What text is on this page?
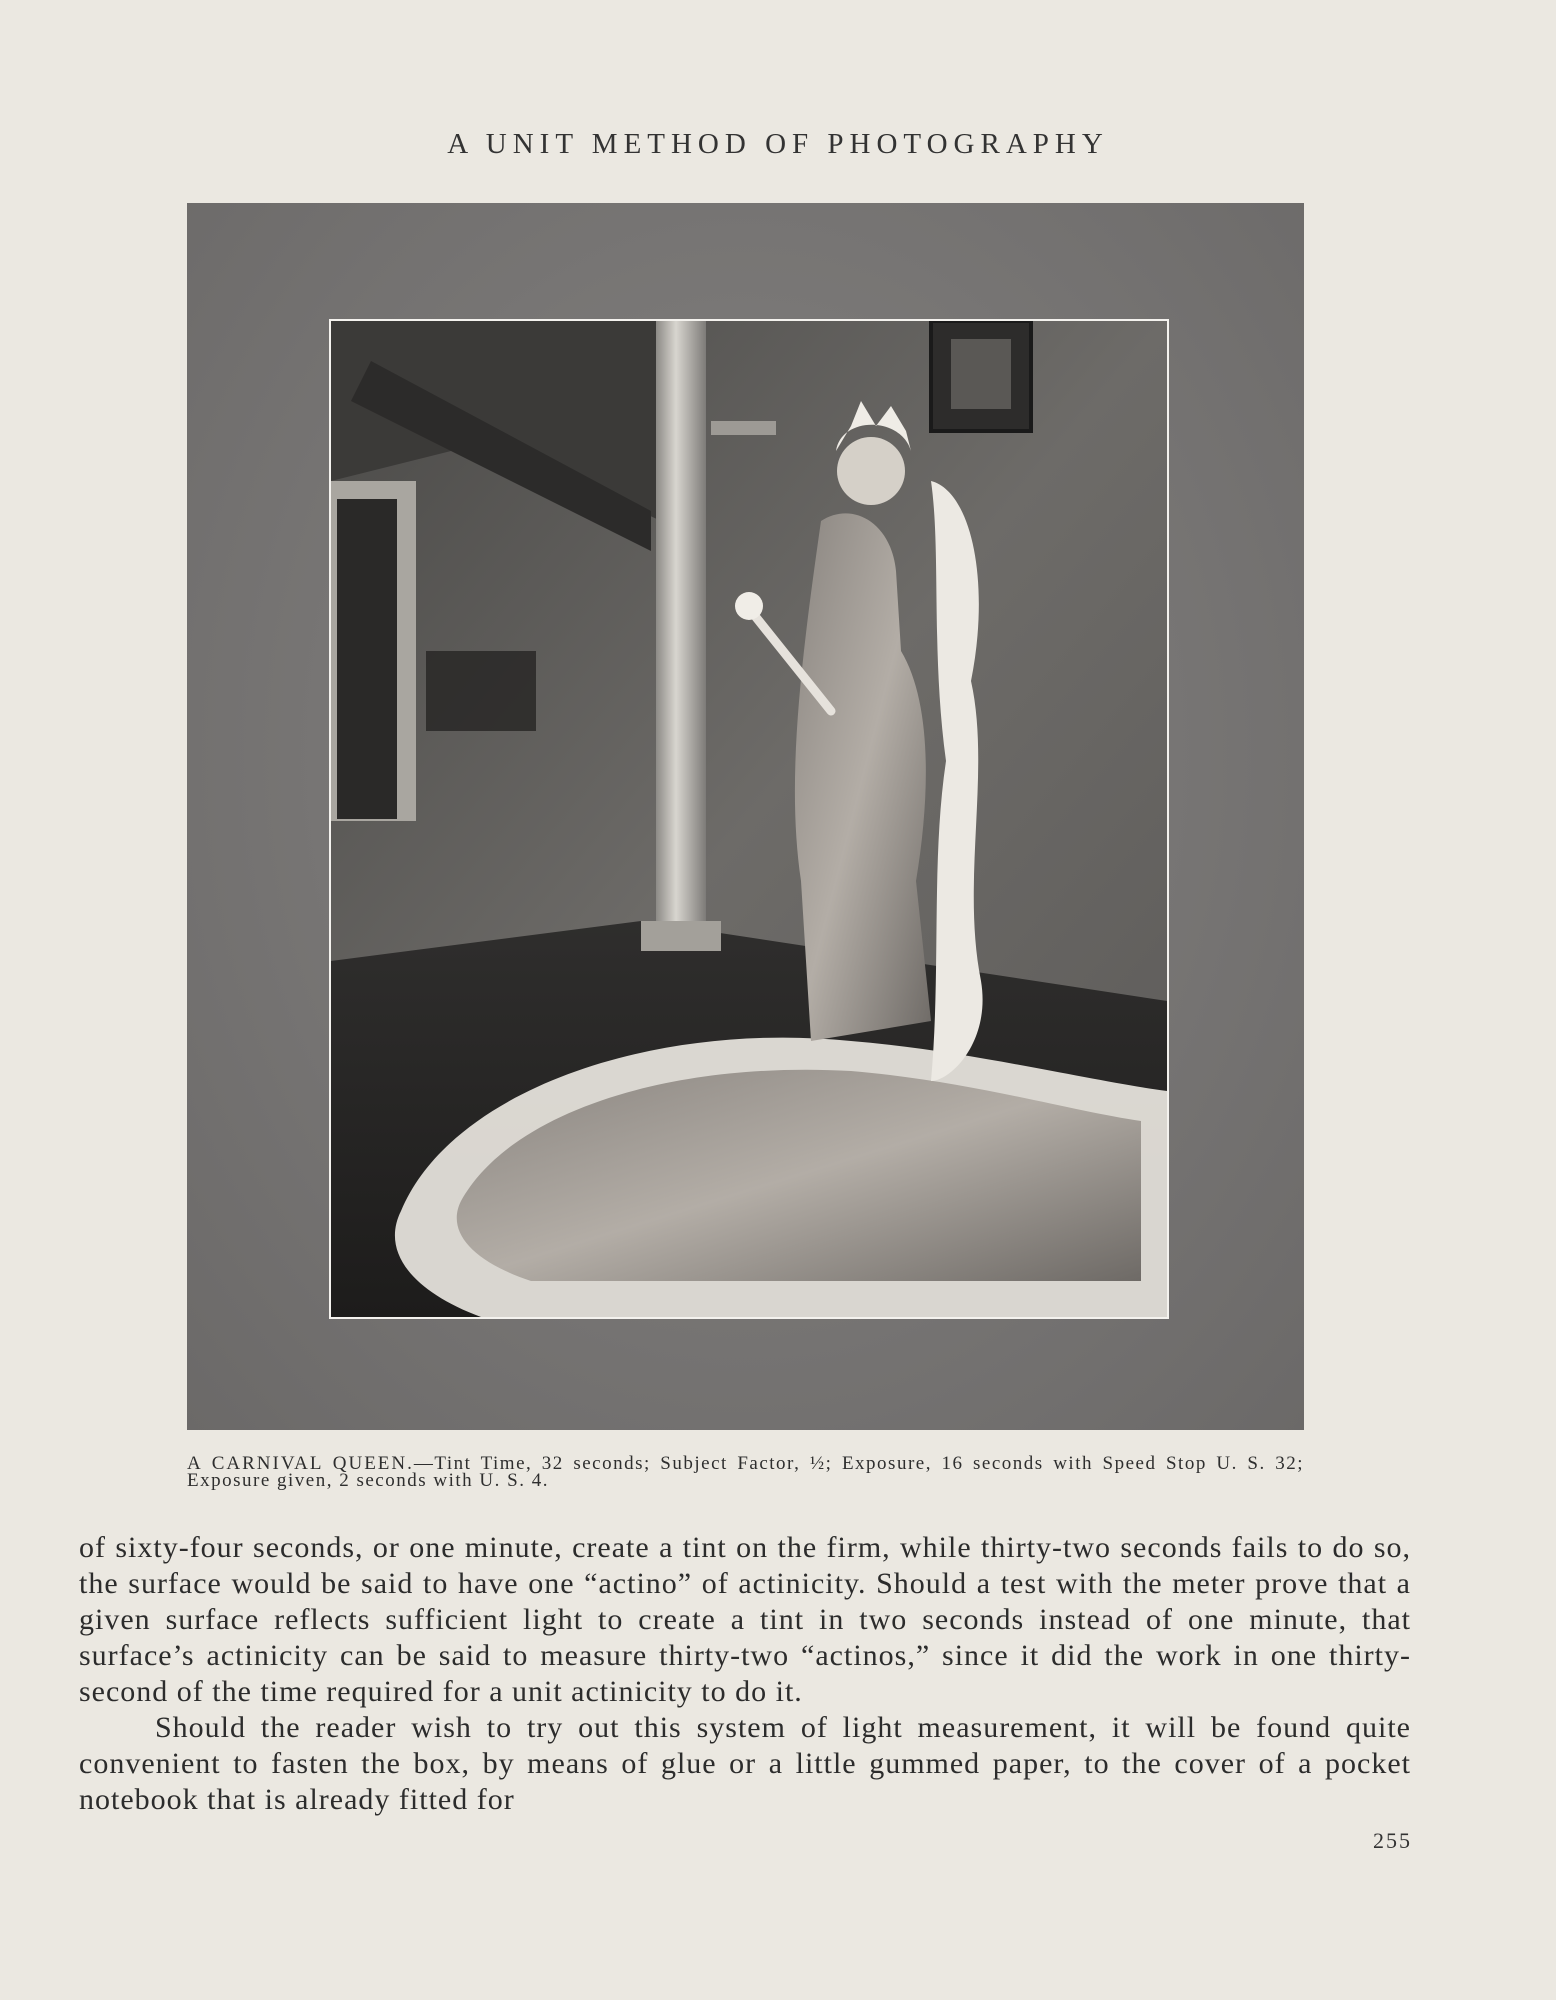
A UNIT METHOD OF PHOTOGRAPHY
A CARNIVAL QUEEN.—Tint Time, 32 seconds; Subject Factor, ½; Exposure, 16 seconds with Speed Stop U. S. 32; Exposure given, 2 seconds with U. S. 4.

of sixty-four seconds, or one minute, create a tint on the firm, while thirty-two seconds fails to do so, the surface would be said to have one “actino” of actinicity. Should a test with the meter prove that a given surface reflects sufficient light to create a tint in two seconds instead of one minute, that surface’s actinicity can be said to measure thirty-two “actinos,” since it did the work in one thirty-second of the time required for a unit actinicity to do it.

Should the reader wish to try out this system of light measurement, it will be found quite convenient to fasten the box, by means of glue or a little gummed paper, to the cover of a pocket notebook that is already fitted for

255
